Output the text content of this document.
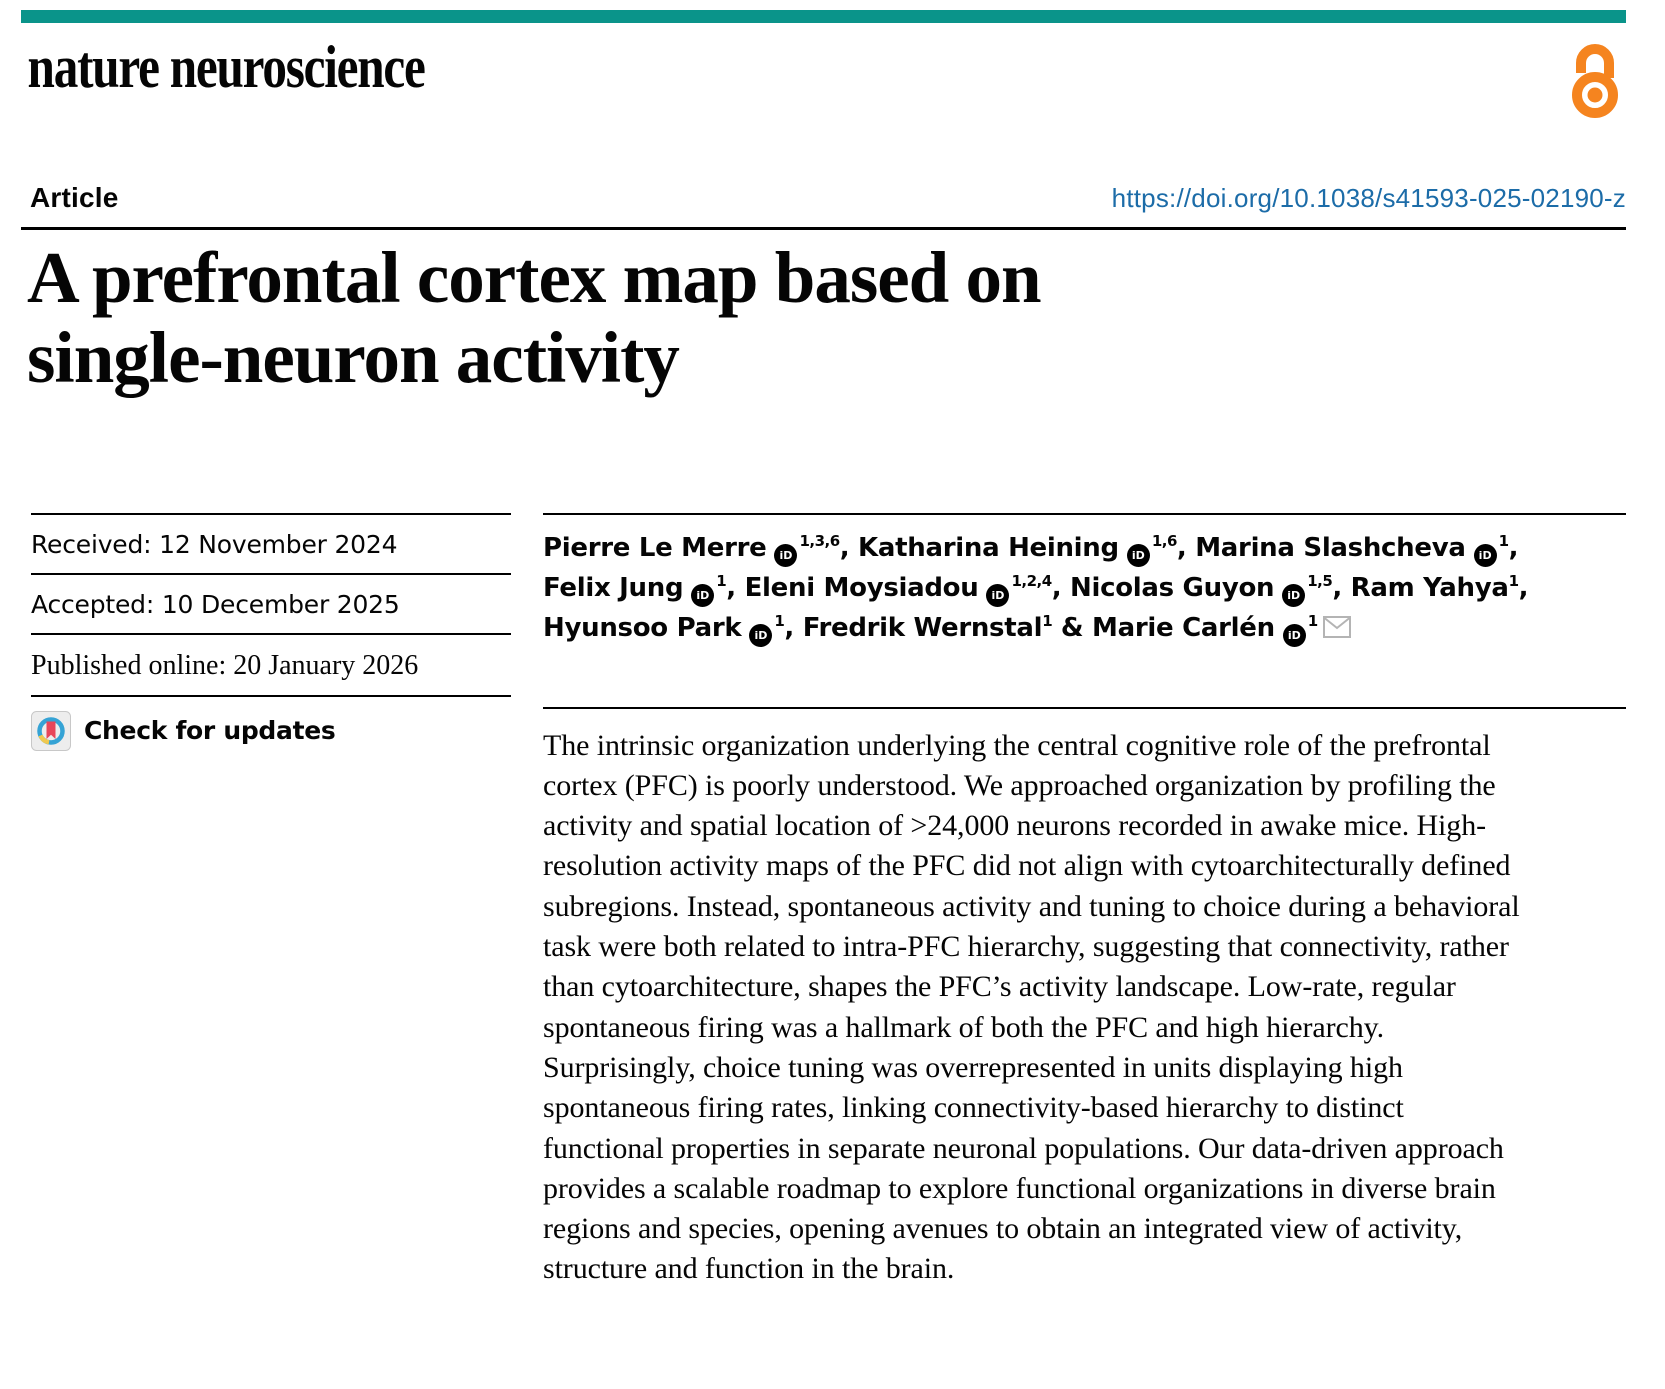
nature neuroscience
Article	https://doi.org/10.1038/s41593-025-02190-z
A prefrontal cortex map based on single-neuron activity
Received: 12 November 2024
Accepted: 10 December 2025
Published online: 20 January 2026
Check for updates
Pierre Le Merre iD$^{1,3,6}$, Katharina Heining iD$^{1,6}$, Marina Slashcheva $iD^1$,
Felix Jung $iD^1$, Eleni Moysiadou iD$^{1,2,4}$, Nicolas Guyon iD$^{1,5}$, Ram Yahya$^1$,
Hyunsoo Park $iD^1$, Fredrik Wernstal$^1$ & Marie Carlén $iD^1$

The intrinsic organization underlying the central cognitive role of the prefrontal cortex (PFC) is poorly understood. We approached organization by profiling the activity and spatial location of >24,000 neurons recorded in awake mice. High-resolution activity maps of the PFC did not align with cytoarchitecturally defined subregions. Instead, spontaneous activity and tuning to choice during a behavioral task were both related to intra-PFC hierarchy, suggesting that connectivity, rather than cytoarchitecture, shapes the PFC’s activity landscape. Low-rate, regular spontaneous firing was a hallmark of both the PFC and high hierarchy. Surprisingly, choice tuning was overrepresented in units displaying high spontaneous firing rates, linking connectivity-based hierarchy to distinct functional properties in separate neuronal populations. Our data-driven approach provides a scalable roadmap to explore functional organizations in diverse brain regions and species, opening avenues to obtain an integrated view of activity, structure and function in the brain.
